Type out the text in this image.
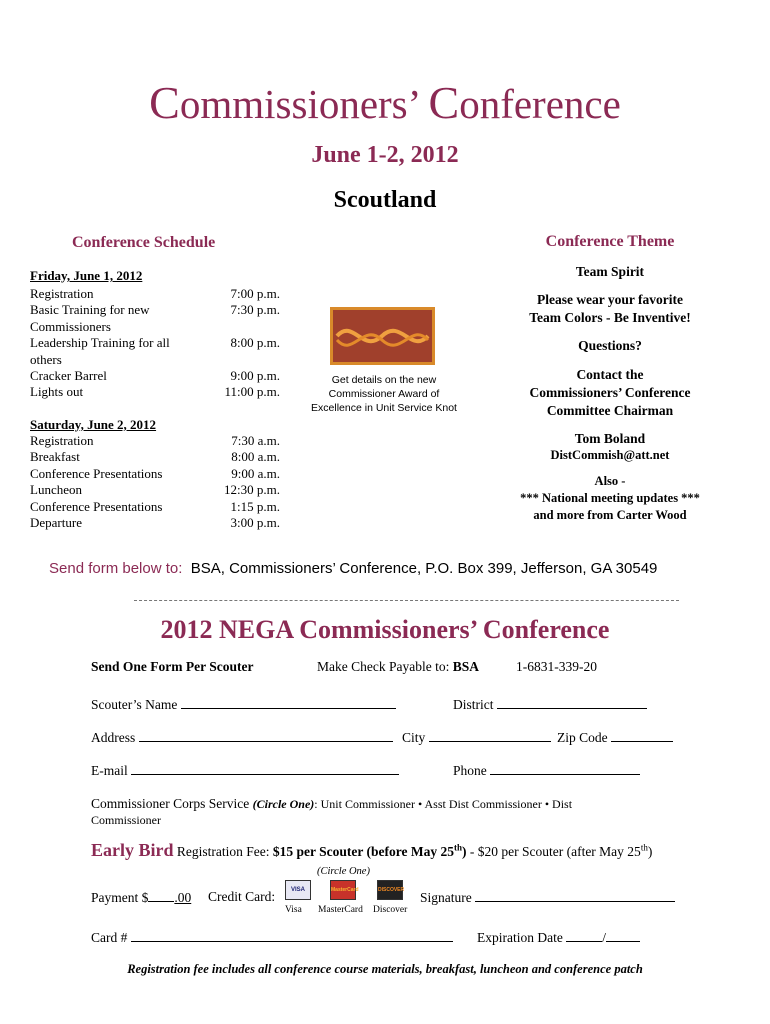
Commissioners’ Conference
June 1-2, 2012
Scoutland
Conference Schedule
Friday, June 1, 2012
Registration	7:00 p.m.
Basic Training for new	7:30 p.m.
Commissioners
Leadership Training for all	8:00 p.m.
others
Cracker Barrel	9:00 p.m.
Lights out	11:00 p.m.
Saturday, June 2, 2012
Registration	7:30 a.m.
Breakfast	8:00 a.m.
Conference Presentations	9:00 a.m.
Luncheon	12:30 p.m.
Conference Presentations	1:15 p.m.
Departure	3:00 p.m.
Get details on the new
Commissioner Award of
Excellence in Unit Service Knot
Conference Theme
Team Spirit
Please wear your favorite
Team Colors - Be Inventive!
Questions?
Contact the
Commissioners’ Conference
Committee Chairman
Tom Boland
DistCommish@att.net
Also -
*** National meeting updates ***
and more from Carter Wood
Send form below to: BSA, Commissioners’ Conference, P.O. Box 399, Jefferson, GA 30549
2012 NEGA Commissioners’ Conference
Send One Form Per Scouter	Make Check Payable to: BSA	1-6831-339-20
Scouter’s Name	District
Address	City	Zip Code
E-mail	Phone
Commissioner Corps Service (Circle One): Unit Commissioner • Asst Dist Commissioner • Dist
Commissioner
Early Bird Registration Fee: $15 per Scouter (before May 25th) - $20 per Scouter (after May 25th)
(Circle One)
Payment $ .00 Credit Card:	VISA	MasterCard	DISCOVER
Visa MasterCard Discover
Signature
Card #	Expiration Date	/
Registration fee includes all conference course materials, breakfast, luncheon and conference patch
